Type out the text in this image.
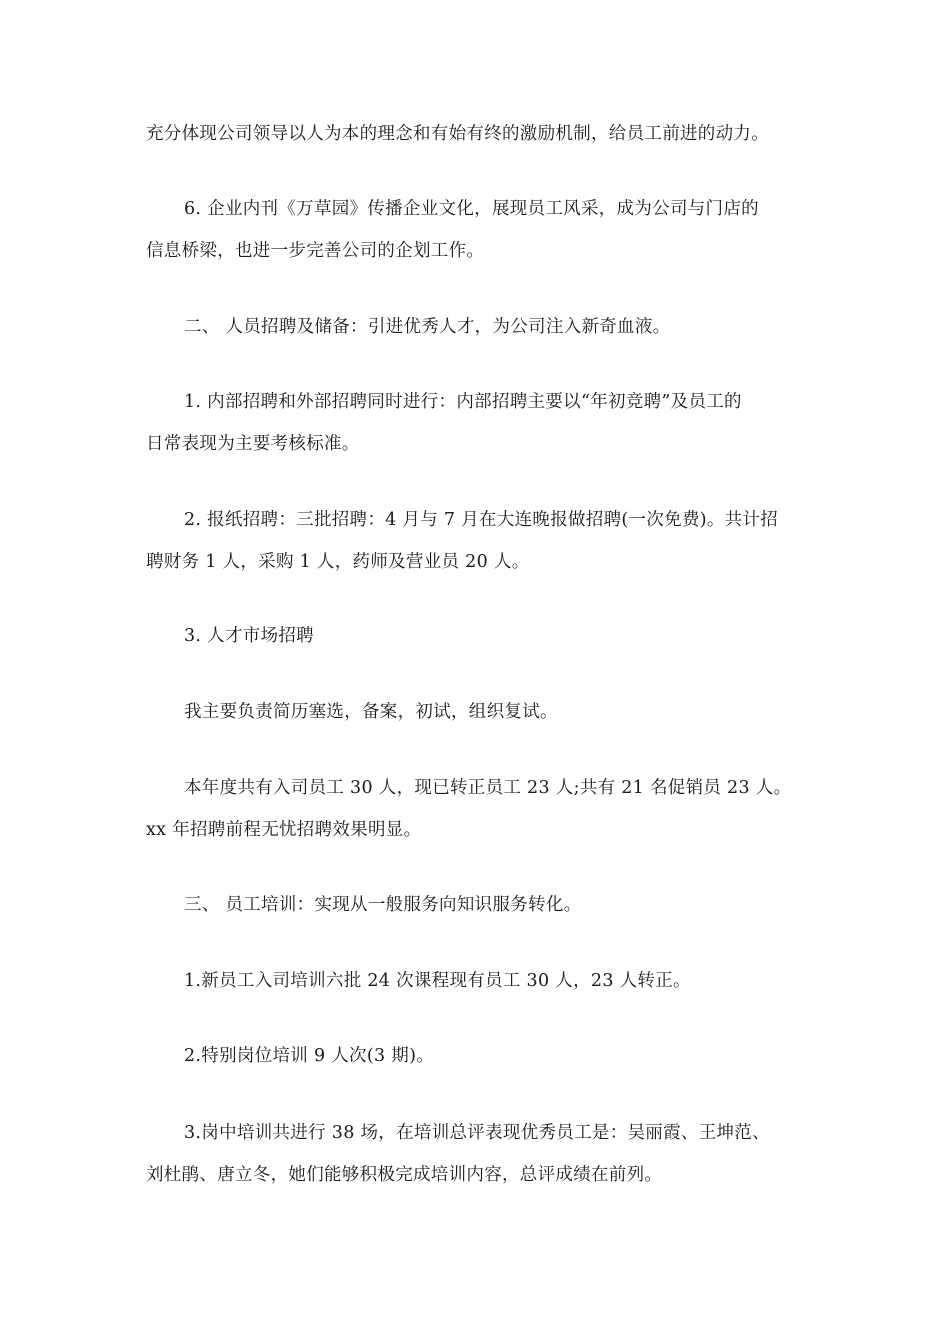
充分体现公司领导以人为本的理念和有始有终的激励机制，给员工前进的动力。

6. 企业内刊《万草园》传播企业文化，展现员工风采，成为公司与门店的
信息桥梁，也进一步完善公司的企划工作。

二、 人员招聘及储备：引进优秀人才，为公司注入新奇血液。

1. 内部招聘和外部招聘同时进行：内部招聘主要以“年初竞聘”及员工的
日常表现为主要考核标准。

2. 报纸招聘：三批招聘：4 月与 7 月在大连晚报做招聘(一次免费)。共计招
聘财务 1 人，采购 1 人，药师及营业员 20 人。

3. 人才市场招聘

我主要负责简历塞选，备案，初试，组织复试。

本年度共有入司员工 30 人，现已转正员工 23 人;共有 21 名促销员 23 人。
xx 年招聘前程无忧招聘效果明显。

三、 员工培训：实现从一般服务向知识服务转化。

1.新员工入司培训六批 24 次课程现有员工 30 人，23 人转正。

2.特别岗位培训 9 人次(3 期)。

3.岗中培训共进行 38 场，在培训总评表现优秀员工是：吴丽霞、王坤范、
刘杜鹃、唐立冬，她们能够积极完成培训内容，总评成绩在前列。
